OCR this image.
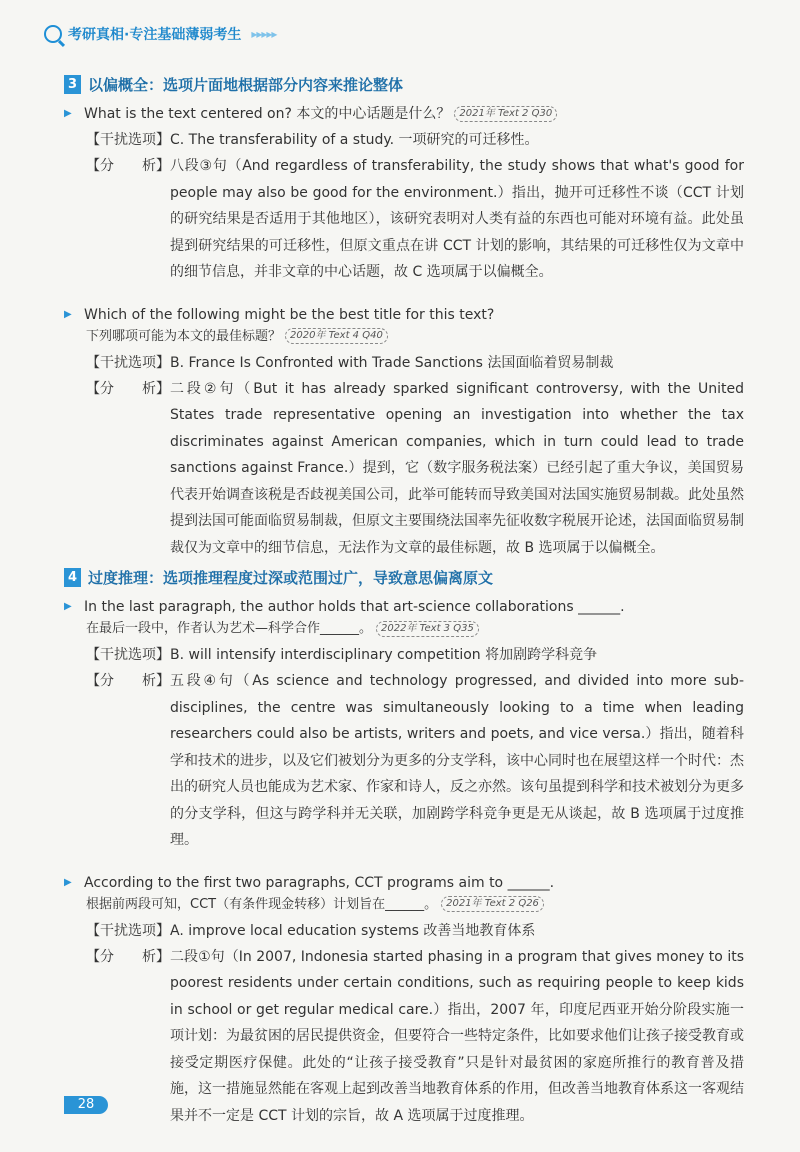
考研真相·专注基础薄弱考生 ▸▸▸▸▸
3 以偏概全：选项片面地根据部分内容来推论整体
▶ What is the text centered on? 本文的中心话题是什么？ 2021年 Text 2 Q30
【干扰选项】 C. The transferability of a study. 一项研究的可迁移性。
【分　　析】 八段③句（And regardless of transferability, the study shows that what's good for people may also be good for the environment.）指出，抛开可迁移性不谈（CCT 计划的研究结果是否适用于其他地区），该研究表明对人类有益的东西也可能对环境有益。此处虽提到研究结果的可迁移性，但原文重点在讲 CCT 计划的影响，其结果的可迁移性仅为文章中的细节信息，并非文章的中心话题，故 C 选项属于以偏概全。
▶ Which of the following might be the best title for this text?
下列哪项可能为本文的最佳标题？ 2020年 Text 4 Q40
【干扰选项】 B. France Is Confronted with Trade Sanctions 法国面临着贸易制裁
【分　　析】 二段②句（But it has already sparked significant controversy, with the United States trade representative opening an investigation into whether the tax discriminates against American companies, which in turn could lead to trade sanctions against France.）提到，它（数字服务税法案）已经引起了重大争议，美国贸易代表开始调查该税是否歧视美国公司，此举可能转而导致美国对法国实施贸易制裁。此处虽然提到法国可能面临贸易制裁，但原文主要围绕法国率先征收数字税展开论述，法国面临贸易制裁仅为文章中的细节信息，无法作为文章的最佳标题，故 B 选项属于以偏概全。
4 过度推理：选项推理程度过深或范围过广，导致意思偏离原文
▶ In the last paragraph, the author holds that art-science collaborations ______.
在最后一段中，作者认为艺术—科学合作______。 2022年 Text 3 Q35
【干扰选项】 B. will intensify interdisciplinary competition 将加剧跨学科竞争
【分　　析】 五段④句（As science and technology progressed, and divided into more sub-disciplines, the centre was simultaneously looking to a time when leading researchers could also be artists, writers and poets, and vice versa.）指出，随着科学和技术的进步，以及它们被划分为更多的分支学科，该中心同时也在展望这样一个时代：杰出的研究人员也能成为艺术家、作家和诗人，反之亦然。该句虽提到科学和技术被划分为更多的分支学科，但这与跨学科并无关联，加剧跨学科竞争更是无从谈起，故 B 选项属于过度推理。
▶ According to the first two paragraphs, CCT programs aim to ______.
根据前两段可知，CCT（有条件现金转移）计划旨在______。 2021年 Text 2 Q26
【干扰选项】 A. improve local education systems 改善当地教育体系
【分　　析】 二段①句（In 2007, Indonesia started phasing in a program that gives money to its poorest residents under certain conditions, such as requiring people to keep kids in school or get regular medical care.）指出，2007 年，印度尼西亚开始分阶段实施一项计划：为最贫困的居民提供资金，但要符合一些特定条件，比如要求他们让孩子接受教育或接受定期医疗保健。此处的“让孩子接受教育”只是针对最贫困的家庭所推行的教育普及措施，这一措施显然能在客观上起到改善当地教育体系的作用，但改善当地教育体系这一客观结果并不一定是 CCT 计划的宗旨，故 A 选项属于过度推理。
28
